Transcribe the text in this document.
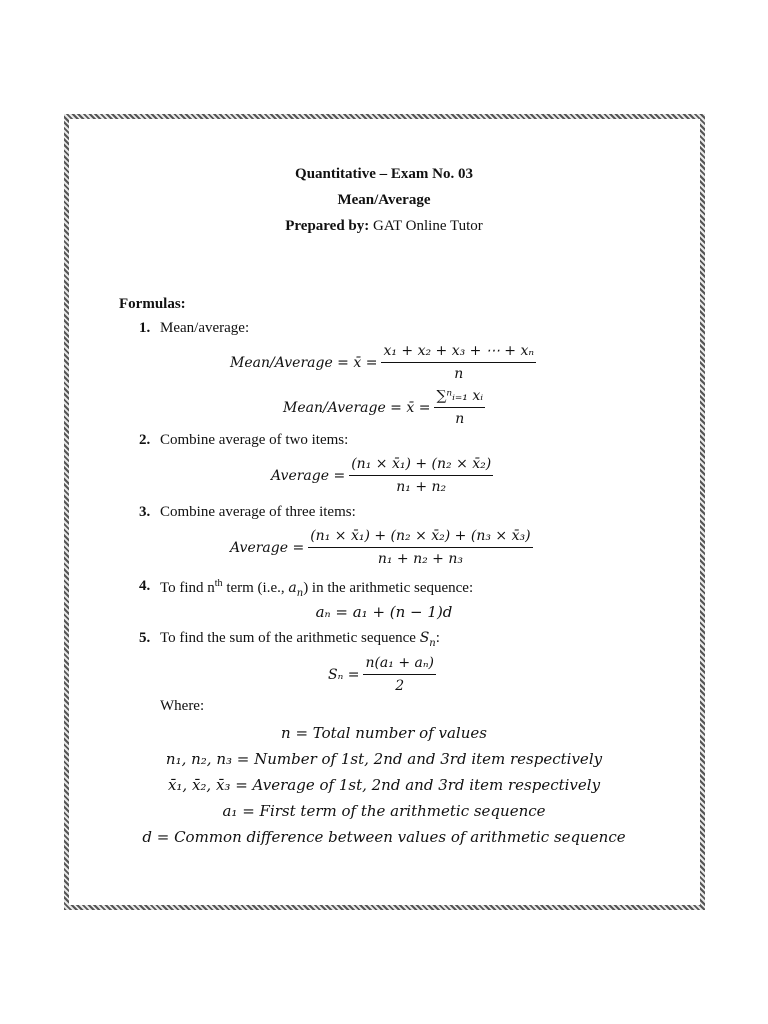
Quantitative – Exam No. 03
Mean/Average
Prepared by: GAT Online Tutor
Formulas:
1. Mean/average:
Mean/Average = x̄ = $\frac{\text{x₁ + x₂ + x₃ + ⋯ + xₙ}}{n}$
Mean/Average = x̄ = $\frac{\text{∑ⁿᵢ₌₁ xᵢ}}{n}$
2. Combine average of two items:
Average = $\frac{\text{(n₁ × x̄₁) + (n₂ × x̄₂)}}{\text{n₁ + n₂}}$
3. Combine average of three items:
Average = $\frac{\text{(n₁ × x̄₁) + (n₂ × x̄₂) + (n₃ × x̄₃)}}{\text{n₁ + n₂ + n₃}}$
4. To find $n^{th}$ term (i.e., $a_n$) in the arithmetic sequence:
aₙ = a₁ + (n − 1)d
5. To find the sum of the arithmetic sequence $S_n$:
$S_n = \frac{\text{n(a₁ + aₙ)}}{2}$
Where:
n = Total number of values
n₁, n₂, n₃ = Number of 1st, 2nd and 3rd item respectively
x̄₁, x̄₂, x̄₃ = Average of 1st, 2nd and 3rd item respectively
a₁ = First term of the arithmetic sequence
d = Common difference between values of arithmetic sequence
